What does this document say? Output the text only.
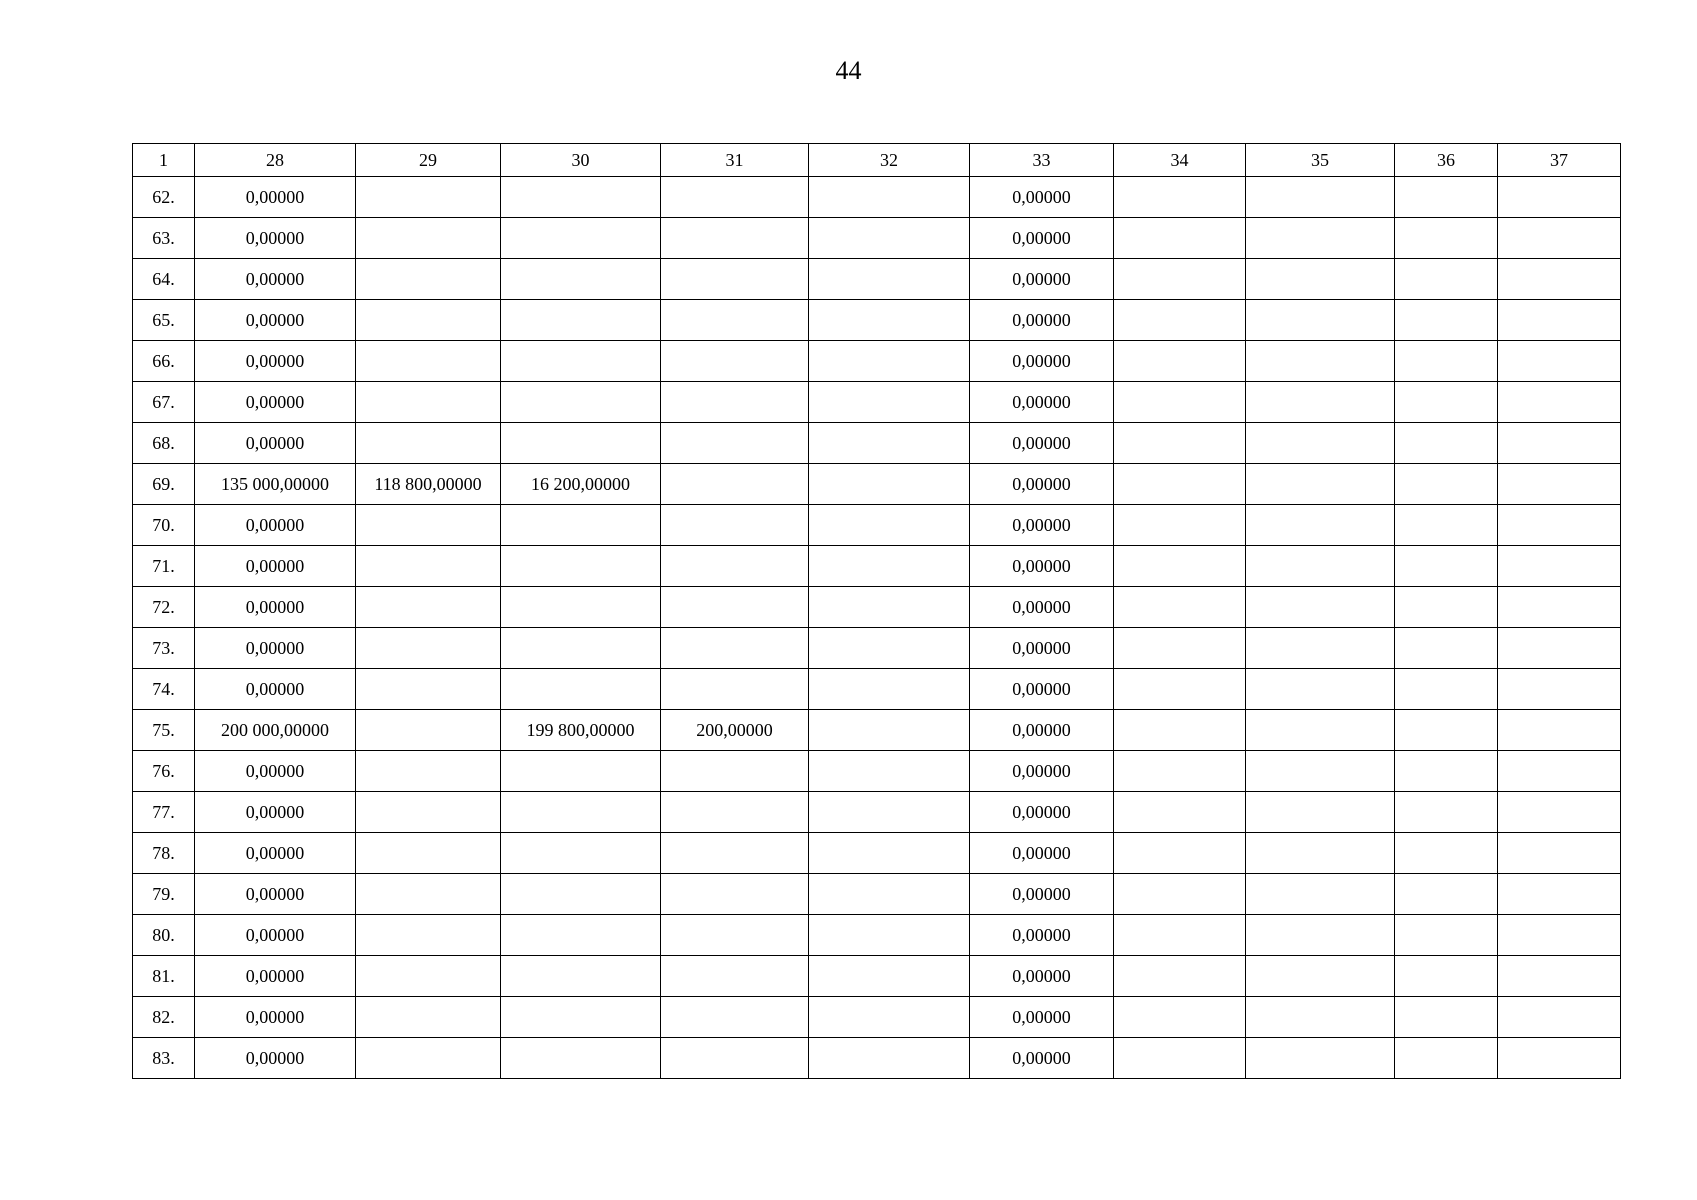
44
1	28	29	30	31	32	33	34	35	36	37
62.	0,00000					0,00000				
63.	0,00000					0,00000				
64.	0,00000					0,00000				
65.	0,00000					0,00000				
66.	0,00000					0,00000				
67.	0,00000					0,00000				
68.	0,00000					0,00000				
69.	135 000,00000	118 800,00000	16 200,00000			0,00000				
70.	0,00000					0,00000				
71.	0,00000					0,00000				
72.	0,00000					0,00000				
73.	0,00000					0,00000				
74.	0,00000					0,00000				
75.	200 000,00000		199 800,00000	200,00000		0,00000				
76.	0,00000					0,00000				
77.	0,00000					0,00000				
78.	0,00000					0,00000				
79.	0,00000					0,00000				
80.	0,00000					0,00000				
81.	0,00000					0,00000				
82.	0,00000					0,00000				
83.	0,00000					0,00000				
